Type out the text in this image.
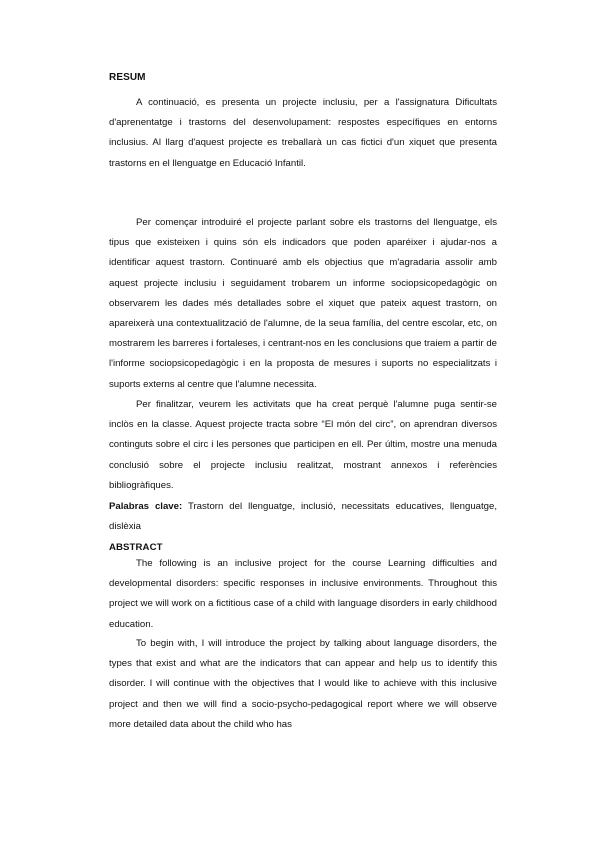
RESUM

A continuació, es presenta un projecte inclusiu, per a l'assignatura Dificultats d'aprenentatge i trastorns del desenvolupament: respostes específiques en entorns inclusius. Al llarg d'aquest projecte es treballarà un cas fictici d'un xiquet que presenta trastorns en el llenguatge en Educació Infantil.

Per començar introduiré el projecte parlant sobre els trastorns del llenguatge, els tipus que existeixen i quins són els indicadors que poden aparéixer i ajudar-nos a identificar aquest trastorn. Continuaré amb els objectius que m'agradaria assolir amb aquest projecte inclusiu i seguidament trobarem un informe sociopsicopedagògic on observarem les dades més detallades sobre el xiquet que pateix aquest trastorn, on apareixerà una contextualització de l'alumne, de la seua família, del centre escolar, etc, on mostrarem les barreres i fortaleses, i centrant-nos en les conclusions que traiem a partir de l'informe sociopsicopedagògic i en la proposta de mesures i suports no especialitzats i suports externs al centre que l'alumne necessita.

Per finalitzar, veurem les activitats que ha creat perquè l'alumne puga sentir-se inclòs en la classe. Aquest projecte tracta sobre “El món del circ”, on aprendran diversos continguts sobre el circ i les persones que participen en ell. Per últim, mostre una menuda conclusió sobre el projecte inclusiu realitzat, mostrant annexos i referències bibliogràfiques.

Palabras clave: Trastorn del llenguatge, inclusió, necessitats educatives, llenguatge, dislèxia
ABSTRACT

The following is an inclusive project for the course Learning difficulties and developmental disorders: specific responses in inclusive environments. Throughout this project we will work on a fictitious case of a child with language disorders in early childhood education.

To begin with, I will introduce the project by talking about language disorders, the types that exist and what are the indicators that can appear and help us to identify this disorder. I will continue with the objectives that I would like to achieve with this inclusive project and then we will find a socio-psycho-pedagogical report where we will observe more detailed data about the child who has
